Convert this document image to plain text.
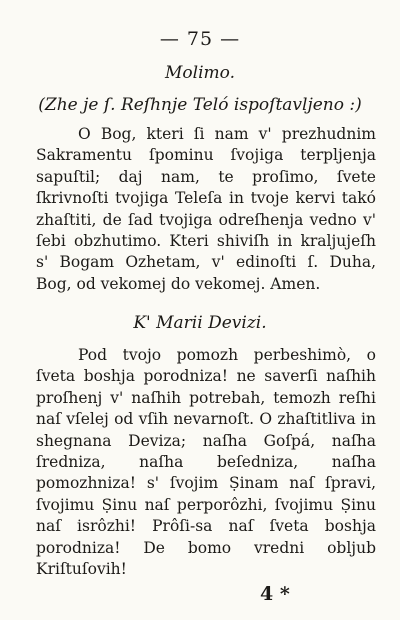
— 75 —
Molimo.
(Zhe je ſ. Reſhnje Teló ispoſtavljeno :)
O Bog, kteri ſi nam v' prezhudnim Sakramentu ſpominu ſvojiga terpljenja sapuſtil; daj nam, te proſimo, ſvete ſkrivnoſti tvojiga Teleſa in tvoje kervi takó zhaſtiti, de ſad tvojiga odreſhenja vedno v' ſebi obzhutimo. Kteri shiviſh in kraljujeſh s' Bogam Ozhetam, v' edinoſti ſ. Duha, Bog, od vekomej do vekomej. Amen.
K' Marii Devizi.
Pod tvojo pomozh perbeshimò, o ſveta boshja porodniza! ne saverſi naſhih proſhenj v' naſhih potrebah, temozh reſhi naſ vſelej od vſih nevarnoſt. O zhaſtitliva in shegnana Deviza; naſha Goſpá, naſha ſredniza, naſha beſedniza, naſha pomozhniza! s' ſvojim Ṣinam naſ ſpravi, ſvojimu Ṣinu naſ perporôzhi, ſvojimu Ṣinu naſ isrôzhi! Prôſi-sa naſ ſveta boshja porodniza! De bomo vredni obljub Kriſtuſovih!
4 *
